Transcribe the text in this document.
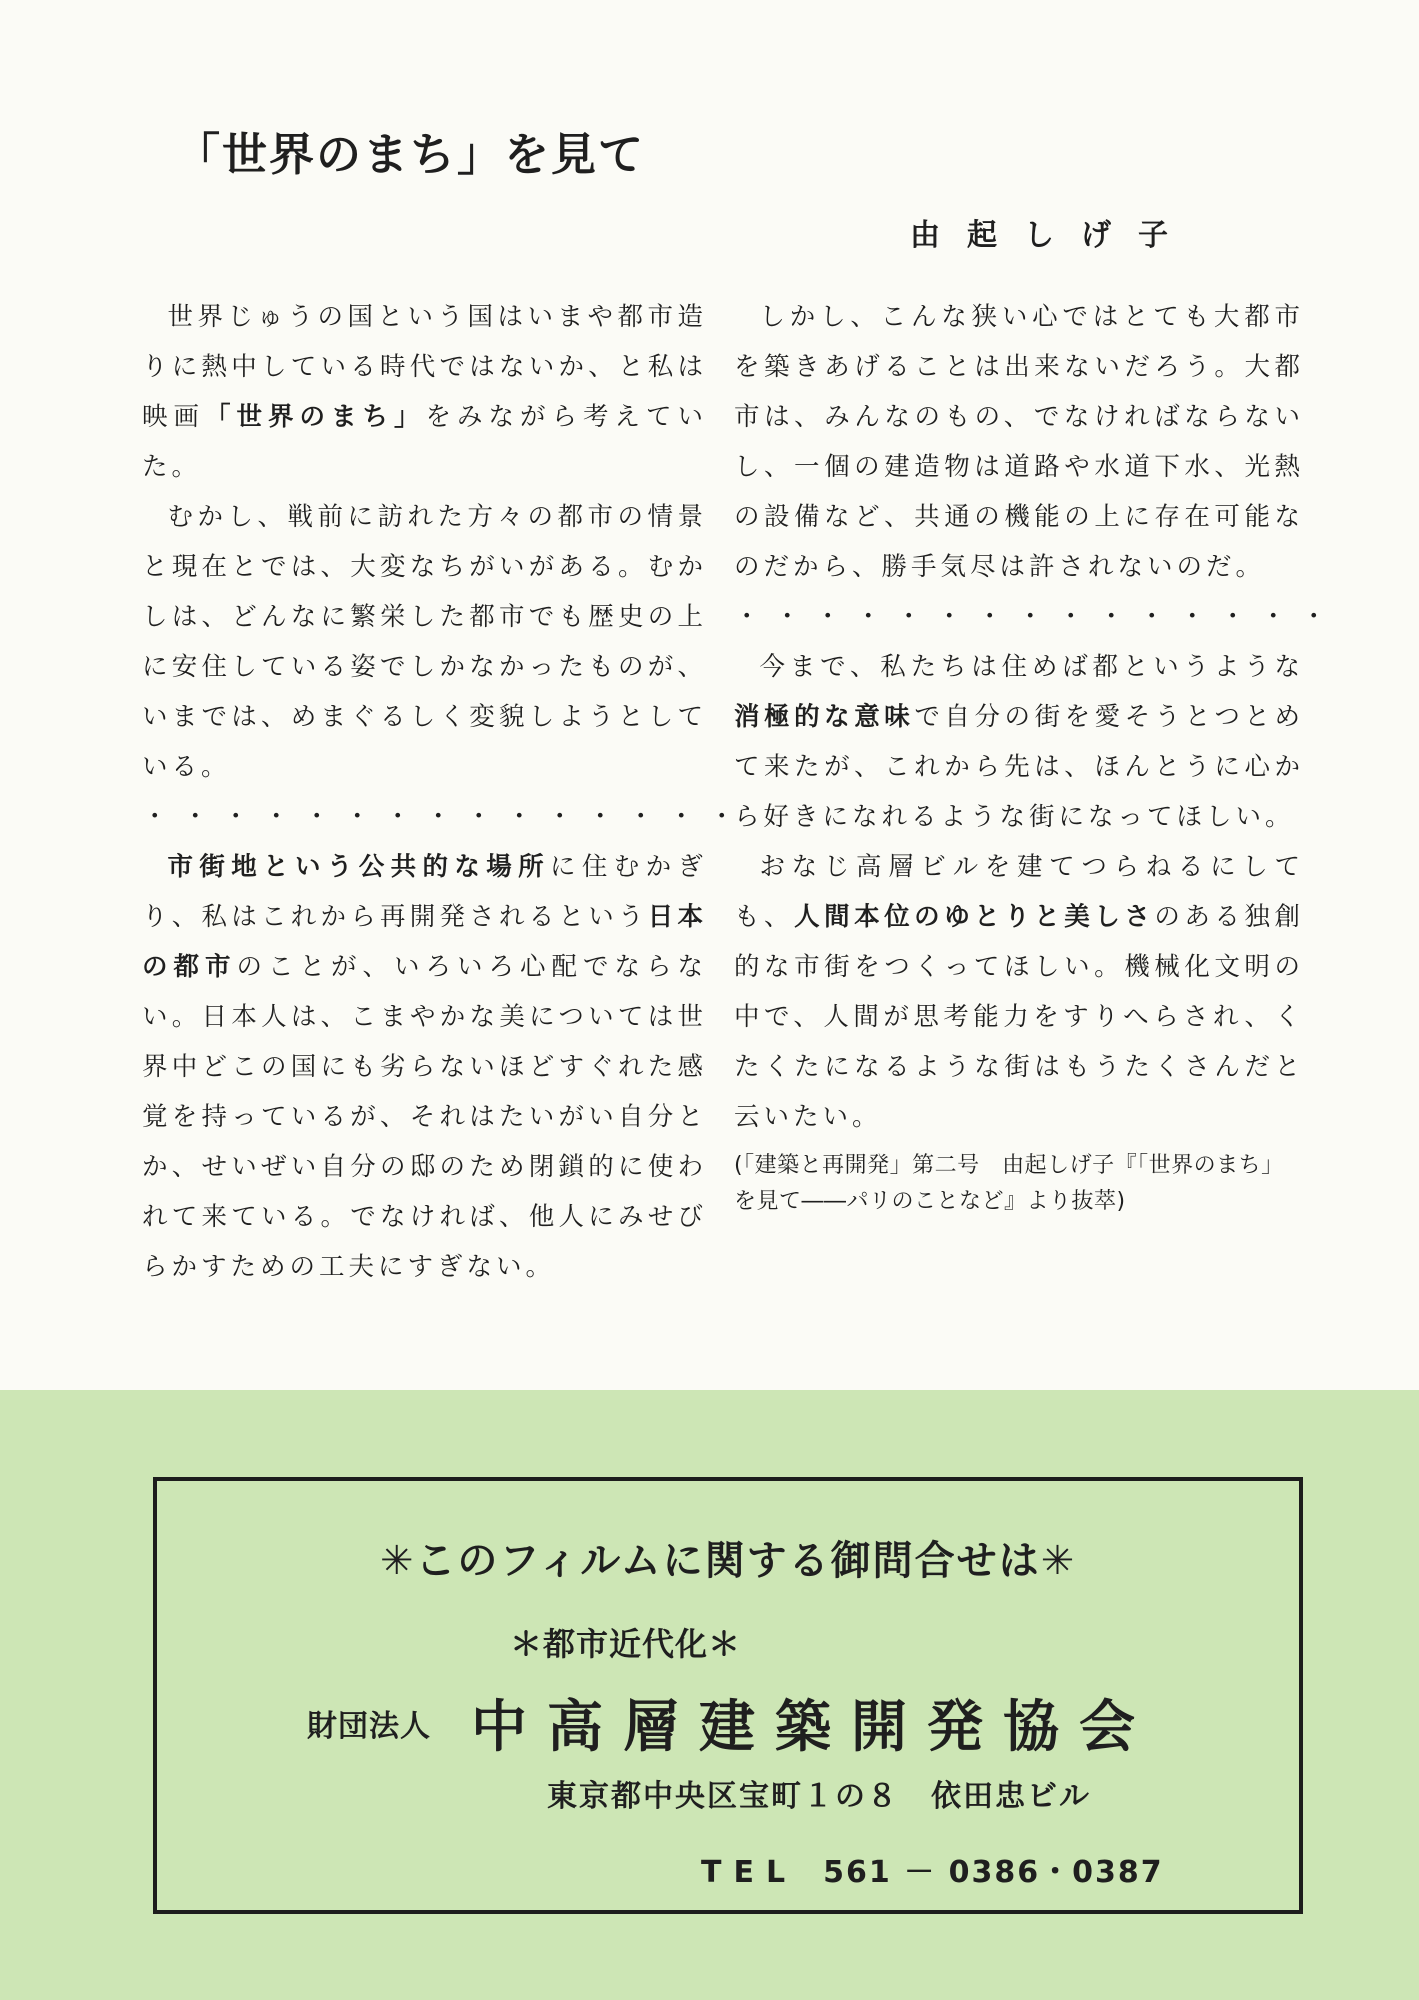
「世界のまち」を見て
由起しげ子

世界じゅうの国という国はいまや都市造りに熱中している時代ではないか、と私は映画「世界のまち」をみながら考えていた。

むかし、戦前に訪れた方々の都市の情景と現在とでは、大変なちがいがある。むかしは、どんなに繁栄した都市でも歴史の上に安住している姿でしかなかったものが、いまでは、めまぐるしく変貌しようとしている。

・・・・・・・・・・・・・・・

市街地という公共的な場所に住むかぎり、私はこれから再開発されるという日本の都市のことが、いろいろ心配でならない。日本人は、こまやかな美については世界中どこの国にも劣らないほどすぐれた感覚を持っているが、それはたいがい自分とか、せいぜい自分の邸のため閉鎖的に使われて来ている。でなければ、他人にみせびらかすための工夫にすぎない。

しかし、こんな狭い心ではとても大都市を築きあげることは出来ないだろう。大都市は、みんなのもの、でなければならないし、一個の建造物は道路や水道下水、光熱の設備など、共通の機能の上に存在可能なのだから、勝手気尽は許されないのだ。

・・・・・・・・・・・・・・・

今まで、私たちは住めば都というような消極的な意味で自分の街を愛そうとつとめて来たが、これから先は、ほんとうに心から好きになれるような街になってほしい。

おなじ高層ビルを建てつらねるにしても、人間本位のゆとりと美しさのある独創的な市街をつくってほしい。機械化文明の中で、人間が思考能力をすりへらされ、くたくたになるような街はもうたくさんだと云いたい。

(「建築と再開発」第二号　由起しげ子『「世界のまち」
を見て――パリのことなど』より抜萃)
✳このフィルムに関する御問合せは✳
＊都市近代化＊
財団法人 中高層建築開発協会
東京都中央区宝町１の８　依田忠ビル
TEL 561 － 0386・0387
